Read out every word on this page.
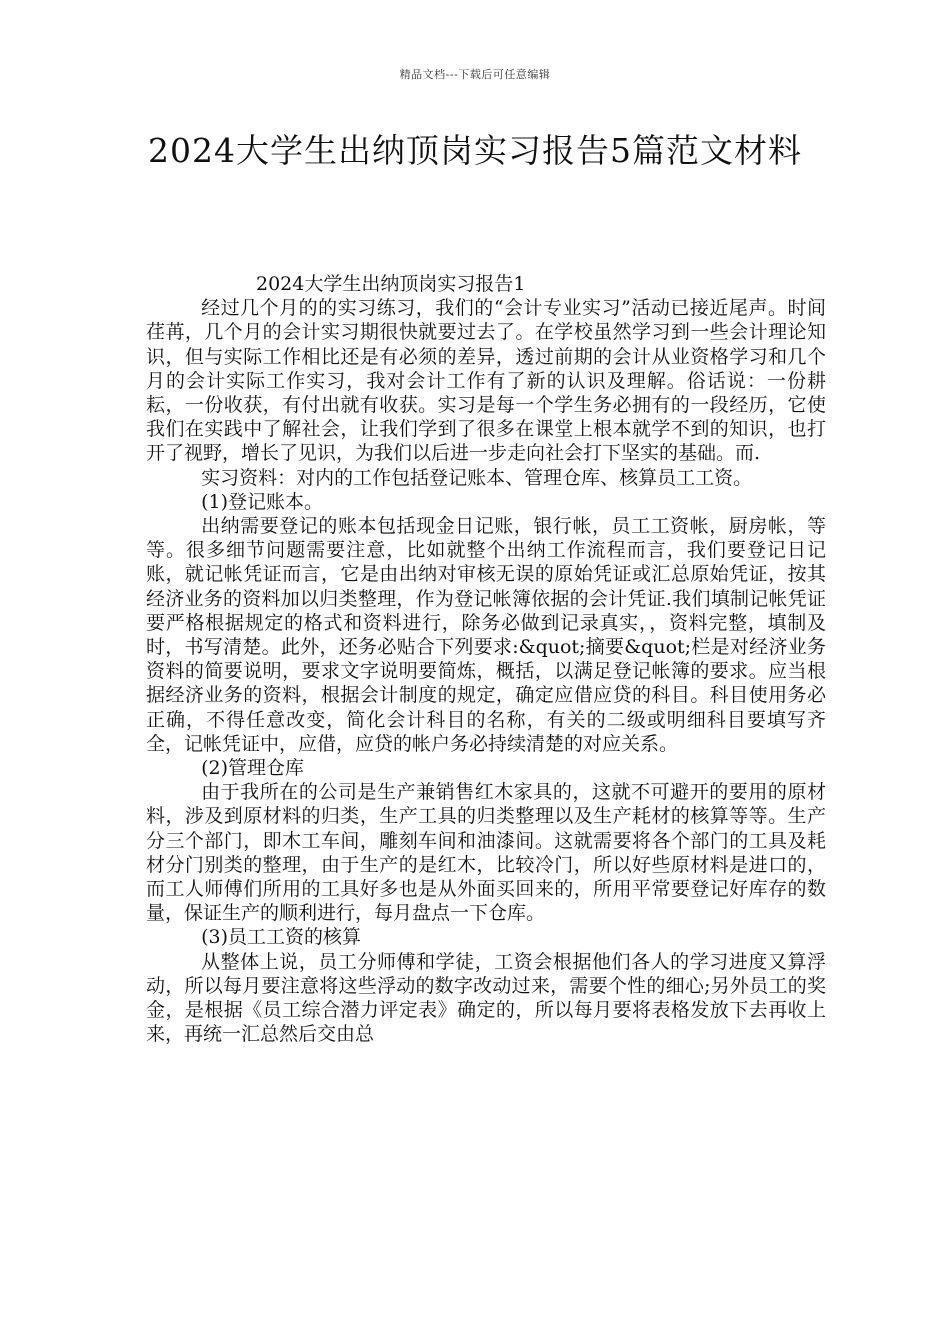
精品文档---下载后可任意编辑
2024大学生出纳顶岗实习报告5篇范文材料

2024大学生出纳顶岗实习报告1

经过几个月的的实习练习，我们的“会计专业实习”活动已接近尾声。时间荏苒，几个月的会计实习期很快就要过去了。在学校虽然学习到一些会计理论知识，但与实际工作相比还是有必须的差异，透过前期的会计从业资格学习和几个月的会计实际工作实习，我对会计工作有了新的认识及理解。俗话说：一份耕耘，一份收获，有付出就有收获。实习是每一个学生务必拥有的一段经历，它使我们在实践中了解社会，让我们学到了很多在课堂上根本就学不到的知识，也打开了视野，增长了见识，为我们以后进一步走向社会打下坚实的基础。而.

实习资料：对内的工作包括登记账本、管理仓库、核算员工工资。

(1)登记账本。

出纳需要登记的账本包括现金日记账，银行帐，员工工资帐，厨房帐，等等。很多细节问题需要注意，比如就整个出纳工作流程而言，我们要登记日记账，就记帐凭证而言，它是由出纳对审核无误的原始凭证或汇总原始凭证，按其经济业务的资料加以归类整理，作为登记帐簿依据的会计凭证.我们填制记帐凭证要严格根据规定的格式和资料进行，除务必做到记录真实，，资料完整，填制及时，书写清楚。此外，还务必贴合下列要求:&quot;摘要&quot;栏是对经济业务资料的简要说明，要求文字说明要简炼，概括，以满足登记帐簿的要求。应当根据经济业务的资料，根据会计制度的规定，确定应借应贷的科目。科目使用务必正确，不得任意改变，简化会计科目的名称，有关的二级或明细科目要填写齐全，记帐凭证中，应借，应贷的帐户务必持续清楚的对应关系。

(2)管理仓库

由于我所在的公司是生产兼销售红木家具的，这就不可避开的要用的原材料，涉及到原材料的归类，生产工具的归类整理以及生产耗材的核算等等。生产分三个部门，即木工车间，雕刻车间和油漆间。这就需要将各个部门的工具及耗材分门别类的整理，由于生产的是红木，比较冷门，所以好些原材料是进口的，而工人师傅们所用的工具好多也是从外面买回来的，所用平常要登记好库存的数量，保证生产的顺利进行，每月盘点一下仓库。

(3)员工工资的核算

从整体上说，员工分师傅和学徒，工资会根据他们各人的学习进度又算浮动，所以每月要注意将这些浮动的数字改动过来，需要个性的细心;另外员工的奖金，是根据《员工综合潜力评定表》确定的，所以每月要将表格发放下去再收上来，再统一汇总然后交由总
